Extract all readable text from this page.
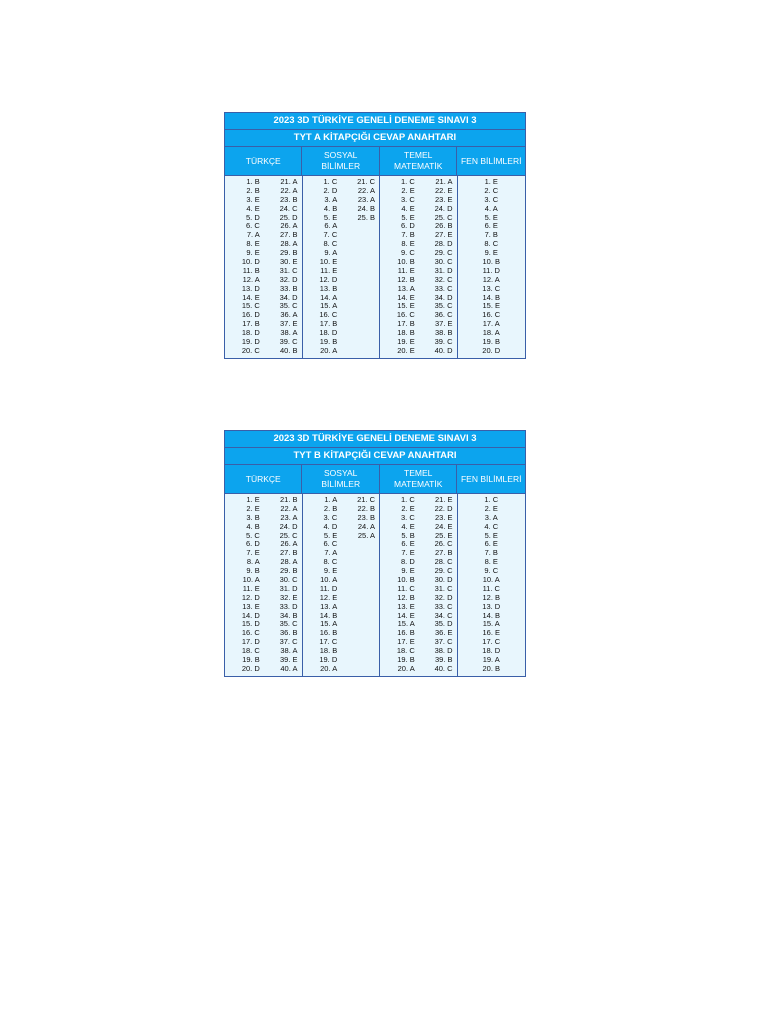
2023 3D TÜRKİYE GENELİ DENEME SINAVI 3
TYT A KİTAPÇIĞI CEVAP ANAHTARI
TÜRKÇE
SOSYAL
BİLİMLER
TEMEL
MATEMATİK
FEN BİLİMLERİ
1. B
2. B
3. E
4. E
5. D
6. C
7. A
8. E
9. E
10. D
11. B
12. A
13. D
14. E
15. C
16. D
17. B
18. D
19. D
20. C
21. A
22. A
23. B
24. C
25. D
26. A
27. B
28. A
29. B
30. E
31. C
32. D
33. B
34. D
35. C
36. A
37. E
38. A
39. C
40. B
1. C
2. D
3. A
4. B
5. E
6. A
7. C
8. C
9. A
10. E
11. E
12. D
13. B
14. A
15. A
16. C
17. B
18. D
19. B
20. A
21. C
22. A
23. A
24. B
25. B
1. C
2. E
3. C
4. E
5. E
6. D
7. B
8. E
9. C
10. B
11. E
12. B
13. A
14. E
15. E
16. C
17. B
18. B
19. E
20. E
21. A
22. E
23. E
24. D
25. C
26. B
27. E
28. D
29. C
30. C
31. D
32. C
33. C
34. D
35. C
36. C
37. E
38. B
39. C
40. D
1. E
2. C
3. C
4. A
5. E
6. E
7. B
8. C
9. E
10. B
11. D
12. A
13. C
14. B
15. E
16. C
17. A
18. A
19. B
20. D
2023 3D TÜRKİYE GENELİ DENEME SINAVI 3
TYT B KİTAPÇIĞI CEVAP ANAHTARI
TÜRKÇE
SOSYAL
BİLİMLER
TEMEL
MATEMATİK
FEN BİLİMLERİ
1. E
2. E
3. B
4. B
5. C
6. D
7. E
8. A
9. B
10. A
11. E
12. D
13. E
14. D
15. D
16. C
17. D
18. C
19. B
20. D
21. B
22. A
23. A
24. D
25. C
26. A
27. B
28. A
29. B
30. C
31. D
32. E
33. D
34. B
35. C
36. B
37. C
38. A
39. E
40. A
1. A
2. B
3. C
4. D
5. E
6. C
7. A
8. C
9. E
10. A
11. D
12. E
13. A
14. B
15. A
16. B
17. C
18. B
19. D
20. A
21. C
22. B
23. B
24. A
25. A
1. C
2. E
3. C
4. E
5. B
6. E
7. E
8. D
9. E
10. B
11. C
12. B
13. E
14. E
15. A
16. B
17. E
18. C
19. B
20. A
21. E
22. D
23. E
24. E
25. E
26. C
27. B
28. C
29. C
30. D
31. C
32. D
33. C
34. C
35. D
36. E
37. C
38. D
39. B
40. C
1. C
2. E
3. A
4. C
5. E
6. E
7. B
8. E
9. C
10. A
11. C
12. B
13. D
14. B
15. A
16. E
17. C
18. D
19. A
20. B
